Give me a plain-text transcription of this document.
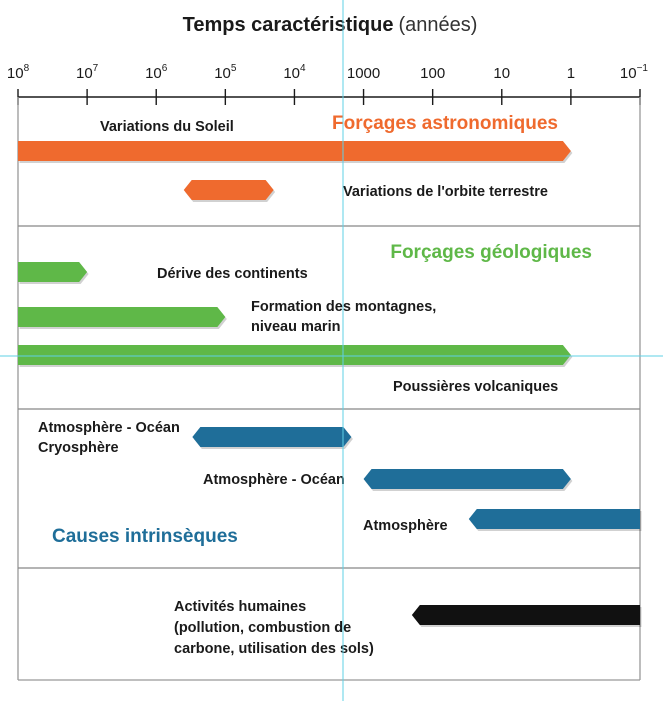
Temps caractéristique (années)
$10^8$	$10^7$	$10^6$	$10^5$	$10^4$	1000	100	10	1	$10^{-1}$
Forçages astronomiques
Forçages géologiques
Causes intrinsèques
Variations du Soleil
Variations de l'orbite terrestre
Dérive des continents
Formation des montagnes,
niveau marin
Poussières volcaniques
Atmosphère - Océan
Cryosphère
Atmosphère - Océan
Atmosphère
Activités humaines
(pollution, combustion de
carbone, utilisation des sols)
